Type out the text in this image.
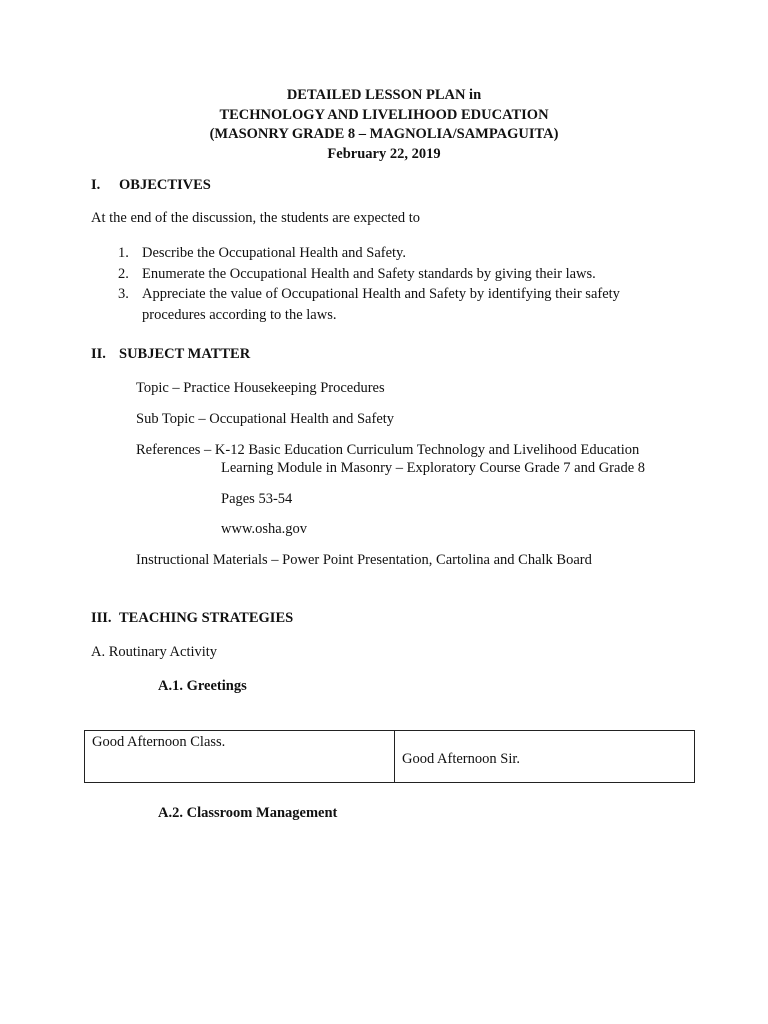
DETAILED LESSON PLAN in
TECHNOLOGY AND LIVELIHOOD EDUCATION
(MASONRY GRADE 8 – MAGNOLIA/SAMPAGUITA)
February 22, 2019
I. OBJECTIVES
At the end of the discussion, the students are expected to
1. Describe the Occupational Health and Safety.
2. Enumerate the Occupational Health and Safety standards by giving their laws.
3. Appreciate the value of Occupational Health and Safety by identifying their safety
procedures according to the laws.
II. SUBJECT MATTER
Topic – Practice Housekeeping Procedures
Sub Topic – Occupational Health and Safety
References – K-12 Basic Education Curriculum Technology and Livelihood Education
Learning Module in Masonry – Exploratory Course Grade 7 and Grade 8
Pages 53-54
www.osha.gov
Instructional Materials – Power Point Presentation, Cartolina and Chalk Board
III. TEACHING STRATEGIES
A. Routinary Activity
A.1. Greetings
Good Afternoon Class.
Good Afternoon Sir.
A.2. Classroom Management
